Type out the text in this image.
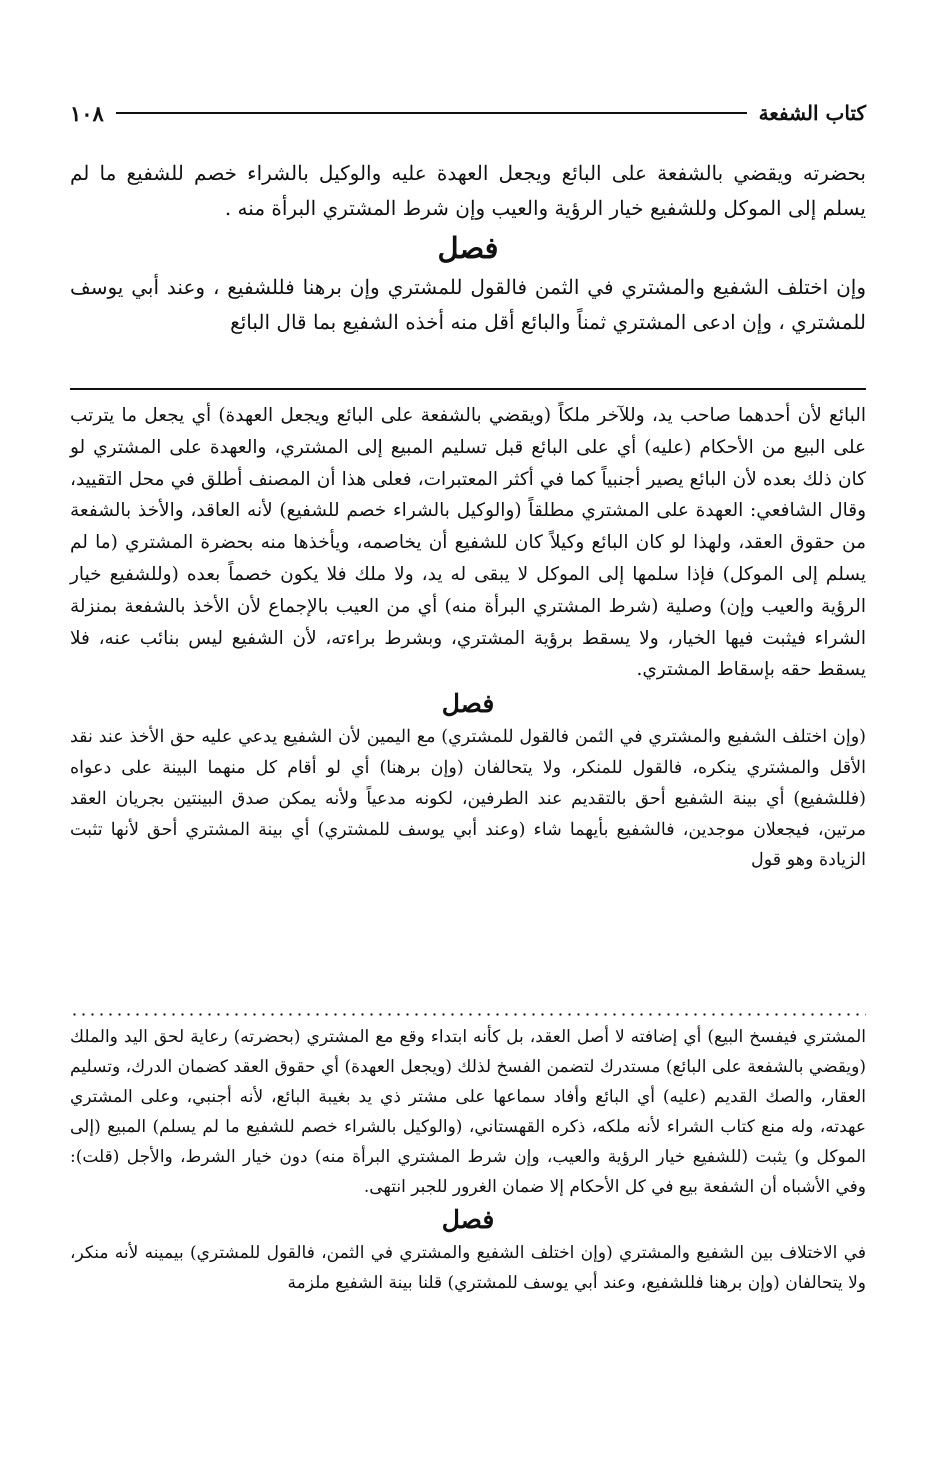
١٠٨	كتاب الشفعة

بحضرته ويقضي بالشفعة على البائع ويجعل العهدة عليه والوكيل بالشراء خصم للشفيع ما لم يسلم إلى الموكل وللشفيع خيار الرؤية والعيب وإن شرط المشتري البرأة منه .

فصل

وإن اختلف الشفيع والمشتري في الثمن فالقول للمشتري وإن برهنا فللشفيع ، وعند أبي يوسف للمشتري ، وإن ادعى المشتري ثمناً والبائع أقل منه أخذه الشفيع بما قال البائع

البائع لأن أحدهما صاحب يد، وللآخر ملكاً (ويقضي بالشفعة على البائع ويجعل العهدة) أي يجعل ما يترتب على البيع من الأحكام (عليه) أي على البائع قبل تسليم المبيع إلى المشتري، والعهدة على المشتري لو كان ذلك بعده لأن البائع يصير أجنبياً كما في أكثر المعتبرات، فعلى هذا أن المصنف أطلق في محل التقييد، وقال الشافعي: العهدة على المشتري مطلقاً (والوكيل بالشراء خصم للشفيع) لأنه العاقد، والأخذ بالشفعة من حقوق العقد، ولهذا لو كان البائع وكيلاً كان للشفيع أن يخاصمه، ويأخذها منه بحضرة المشتري (ما لم يسلم إلى الموكل) فإذا سلمها إلى الموكل لا يبقى له يد، ولا ملك فلا يكون خصماً بعده (وللشفيع خيار الرؤية والعيب وإن) وصلية (شرط المشتري البرأة منه) أي من العيب بالإجماع لأن الأخذ بالشفعة بمنزلة الشراء فيثبت فيها الخيار، ولا يسقط برؤية المشتري، وبشرط براءته، لأن الشفيع ليس بنائب عنه، فلا يسقط حقه بإسقاط المشتري.

فصل

(وإن اختلف الشفيع والمشتري في الثمن فالقول للمشتري) مع اليمين لأن الشفيع يدعي عليه حق الأخذ عند نقد الأقل والمشتري ينكره، فالقول للمنكر، ولا يتحالفان (وإن برهنا) أي لو أقام كل منهما البينة على دعواه (فللشفيع) أي بينة الشفيع أحق بالتقديم عند الطرفين، لكونه مدعياً ولأنه يمكن صدق البينتين بجريان العقد مرتين، فيجعلان موجدين، فالشفيع بأيهما شاء (وعند أبي يوسف للمشتري) أي بينة المشتري أحق لأنها تثبت الزيادة وهو قول

المشتري فيفسخ البيع) أي إضافته لا أصل العقد، بل كأنه ابتداء وقع مع المشتري (بحضرته) رعاية لحق اليد والملك (ويقضي بالشفعة على البائع) مستدرك لتضمن الفسخ لذلك (ويجعل العهدة) أي حقوق العقد كضمان الدرك، وتسليم العقار، والصك القديم (عليه) أي البائع وأفاد سماعها على مشتر ذي يد بغيبة البائع، لأنه أجنبي، وعلى المشتري عهدته، وله منع كتاب الشراء لأنه ملكه، ذكره القهستاني، (والوكيل بالشراء خصم للشفيع ما لم يسلم) المبيع (إلى الموكل و) يثبت (للشفيع خيار الرؤية والعيب، وإن شرط المشتري البرأة منه) دون خيار الشرط، والأجل (قلت): وفي الأشباه أن الشفعة بيع في كل الأحكام إلا ضمان الغرور للجبر انتهى.

فصل

في الاختلاف بين الشفيع والمشتري (وإن اختلف الشفيع والمشتري في الثمن، فالقول للمشتري) بيمينه لأنه منكر، ولا يتحالفان (وإن برهنا فللشفيع، وعند أبي يوسف للمشتري) قلنا بينة الشفيع ملزمة
